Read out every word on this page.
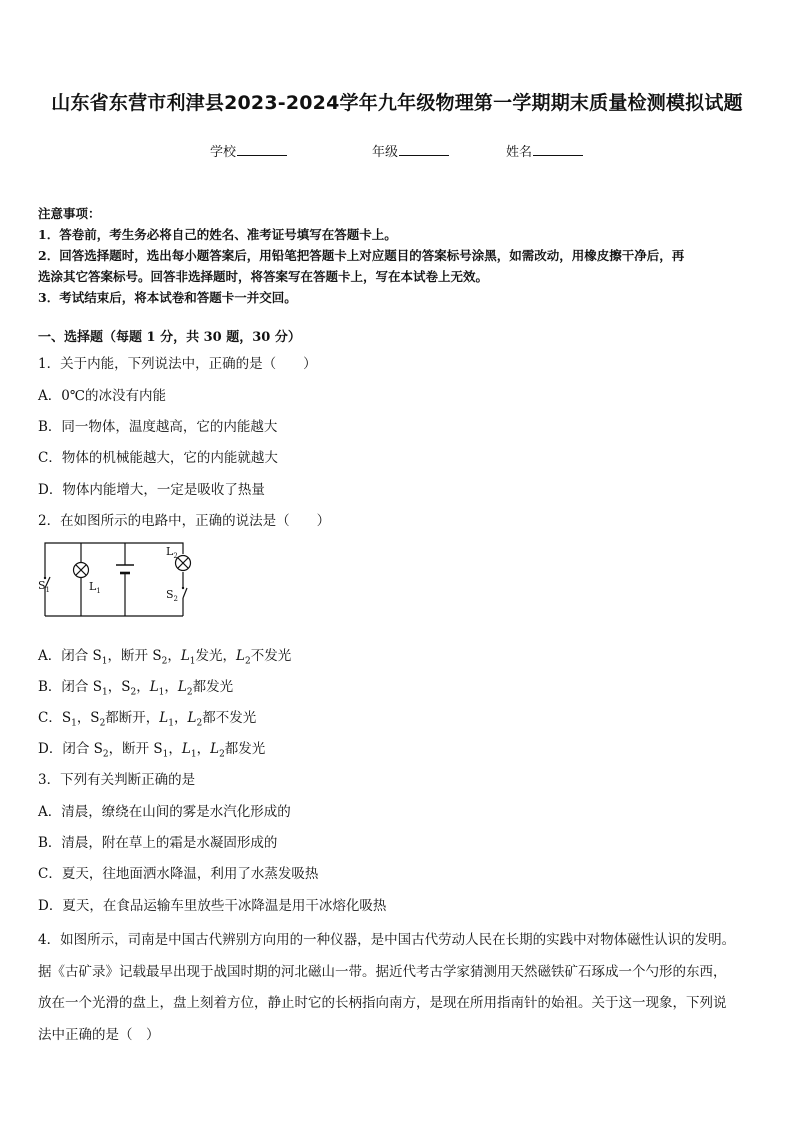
山东省东营市利津县2023-2024学年九年级物理第一学期期末质量检测模拟试题
学校	年级	姓名

注意事项：

1．答卷前，考生务必将自己的姓名、准考证号填写在答题卡上。

2．回答选择题时，选出每小题答案后，用铅笔把答题卡上对应题目的答案标号涂黑，如需改动，用橡皮擦干净后，再

选涂其它答案标号。回答非选择题时，将答案写在答题卡上，写在本试卷上无效。

3．考试结束后，将本试卷和答题卡一并交回。

一、选择题（每题 1 分，共 30 题，30 分）
1．关于内能，下列说法中，正确的是（　　）
A．0℃的冰没有内能
B．同一物体，温度越高，它的内能越大
C．物体的机械能越大，它的内能就越大
D．物体内能增大，一定是吸收了热量
2．在如图所示的电路中，正确的说法是（　　）
$S_1$	$L_1$
$L_2$
$S_2$
A．闭合 $S_1$，断开 $S_2$，$L_1$发光，$L_2$不发光
B．闭合 $S_1$，$S_2$，$L_1$，$L_2$都发光
C．$S_1$，$S_2$都断开，$L_1$，$L_2$都不发光
D．闭合 $S_2$，断开 $S_1$，$L_1$，$L_2$都发光
3．下列有关判断正确的是
A．清晨，缭绕在山间的雾是水汽化形成的
B．清晨，附在草上的霜是水凝固形成的
C．夏天，往地面洒水降温，利用了水蒸发吸热
D．夏天，在食品运输车里放些干冰降温是用干冰熔化吸热

4．如图所示，司南是中国古代辨别方向用的一种仪器，是中国古代劳动人民在长期的实践中对物体磁性认识的发明。

据《古矿录》记载最早出现于战国时期的河北磁山一带。据近代考古学家猜测用天然磁铁矿石琢成一个勺形的东西，

放在一个光滑的盘上，盘上刻着方位，静止时它的长柄指向南方，是现在所用指南针的始祖。关于这一现象，下列说

法中正确的是（　）
